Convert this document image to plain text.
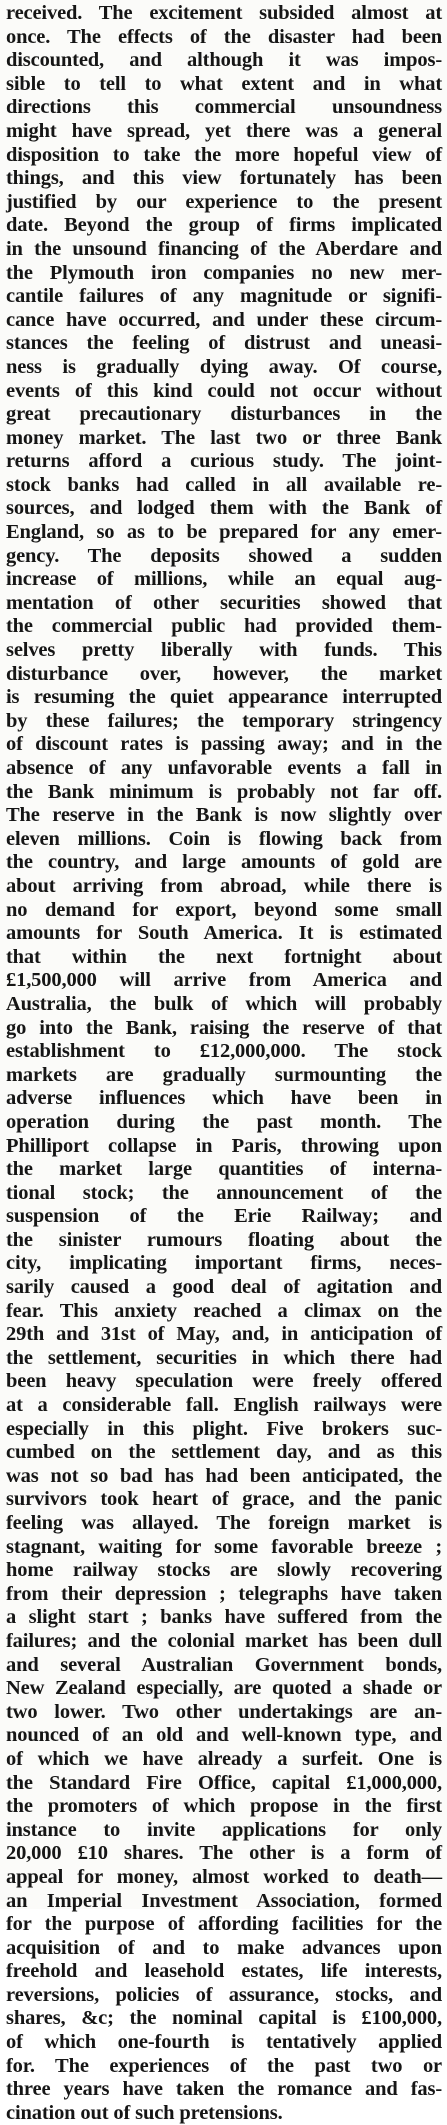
received. The excitement subsided almost at
once. The effects of the disaster had been
discounted, and although it was impos-
sible to tell to what extent and in what
directions this commercial unsoundness
might have spread, yet there was a general
disposition to take the more hopeful view of
things, and this view fortunately has been
justified by our experience to the present
date. Beyond the group of firms implicated
in the unsound financing of the Aberdare and
the Plymouth iron companies no new mer-
cantile failures of any magnitude or signifi-
cance have occurred, and under these circum-
stances the feeling of distrust and uneasi-
ness is gradually dying away. Of course,
events of this kind could not occur without
great precautionary disturbances in the
money market. The last two or three Bank
returns afford a curious study. The joint-
stock banks had called in all available re-
sources, and lodged them with the Bank of
England, so as to be prepared for any emer-
gency. The deposits showed a sudden
increase of millions, while an equal aug-
mentation of other securities showed that
the commercial public had provided them-
selves pretty liberally with funds. This
disturbance over, however, the market
is resuming the quiet appearance interrupted
by these failures; the temporary stringency
of discount rates is passing away; and in the
absence of any unfavorable events a fall in
the Bank minimum is probably not far off.
The reserve in the Bank is now slightly over
eleven millions. Coin is flowing back from
the country, and large amounts of gold are
about arriving from abroad, while there is
no demand for export, beyond some small
amounts for South America. It is estimated
that within the next fortnight about
£1,500,000 will arrive from America and
Australia, the bulk of which will probably
go into the Bank, raising the reserve of that
establishment to £12,000,000. The stock
markets are gradually surmounting the
adverse influences which have been in
operation during the past month. The
Philliport collapse in Paris, throwing upon
the market large quantities of interna-
tional stock; the announcement of the
suspension of the Erie Railway; and
the sinister rumours floating about the
city, implicating important firms, neces-
sarily caused a good deal of agitation and
fear. This anxiety reached a climax on the
29th and 31st of May, and, in anticipation of
the settlement, securities in which there had
been heavy speculation were freely offered
at a considerable fall. English railways were
especially in this plight. Five brokers suc-
cumbed on the settlement day, and as this
was not so bad has had been anticipated, the
survivors took heart of grace, and the panic
feeling was allayed. The foreign market is
stagnant, waiting for some favorable breeze ;
home railway stocks are slowly recovering
from their depression ; telegraphs have taken
a slight start ; banks have suffered from the
failures; and the colonial market has been dull
and several Australian Government bonds,
New Zealand especially, are quoted a shade or
two lower. Two other undertakings are an-
nounced of an old and well-known type, and
of which we have already a surfeit. One is
the Standard Fire Office, capital £1,000,000,
the promoters of which propose in the first
instance to invite applications for only
20,000 £10 shares. The other is a form of
appeal for money, almost worked to death—
an Imperial Investment Association, formed
for the purpose of affording facilities for the
acquisition of and to make advances upon
freehold and leasehold estates, life interests,
reversions, policies of assurance, stocks, and
shares, &c; the nominal capital is £100,000,
of which one-fourth is tentatively applied
for. The experiences of the past two or
three years have taken the romance and fas-
cination out of such pretensions.
